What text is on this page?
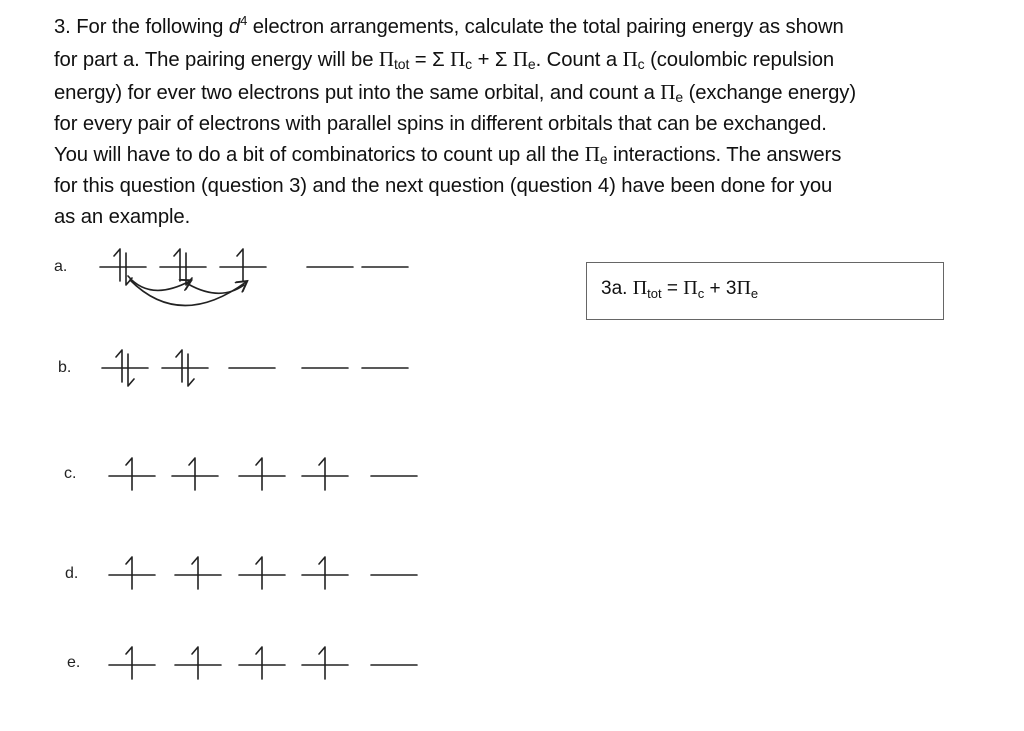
3. For the following $d^4$ electron arrangements, calculate the total pairing energy as shown

for part a. The pairing energy will be Πtot = Σ Πc + Σ Πe. Count a Πc (coulombic repulsion

energy) for ever two electrons put into the same orbital, and count a Πe (exchange energy)

for every pair of electrons with parallel spins in different orbitals that can be exchanged.

You will have to do a bit of combinatorics to count up all the Πe interactions. The answers

for this question (question 3) and the next question (question 4) have been done for you

as an example.

a.
b.
c.
d.
e.
3a. $\Pi_{tot} = \Pi_c + 3\Pi_e$
